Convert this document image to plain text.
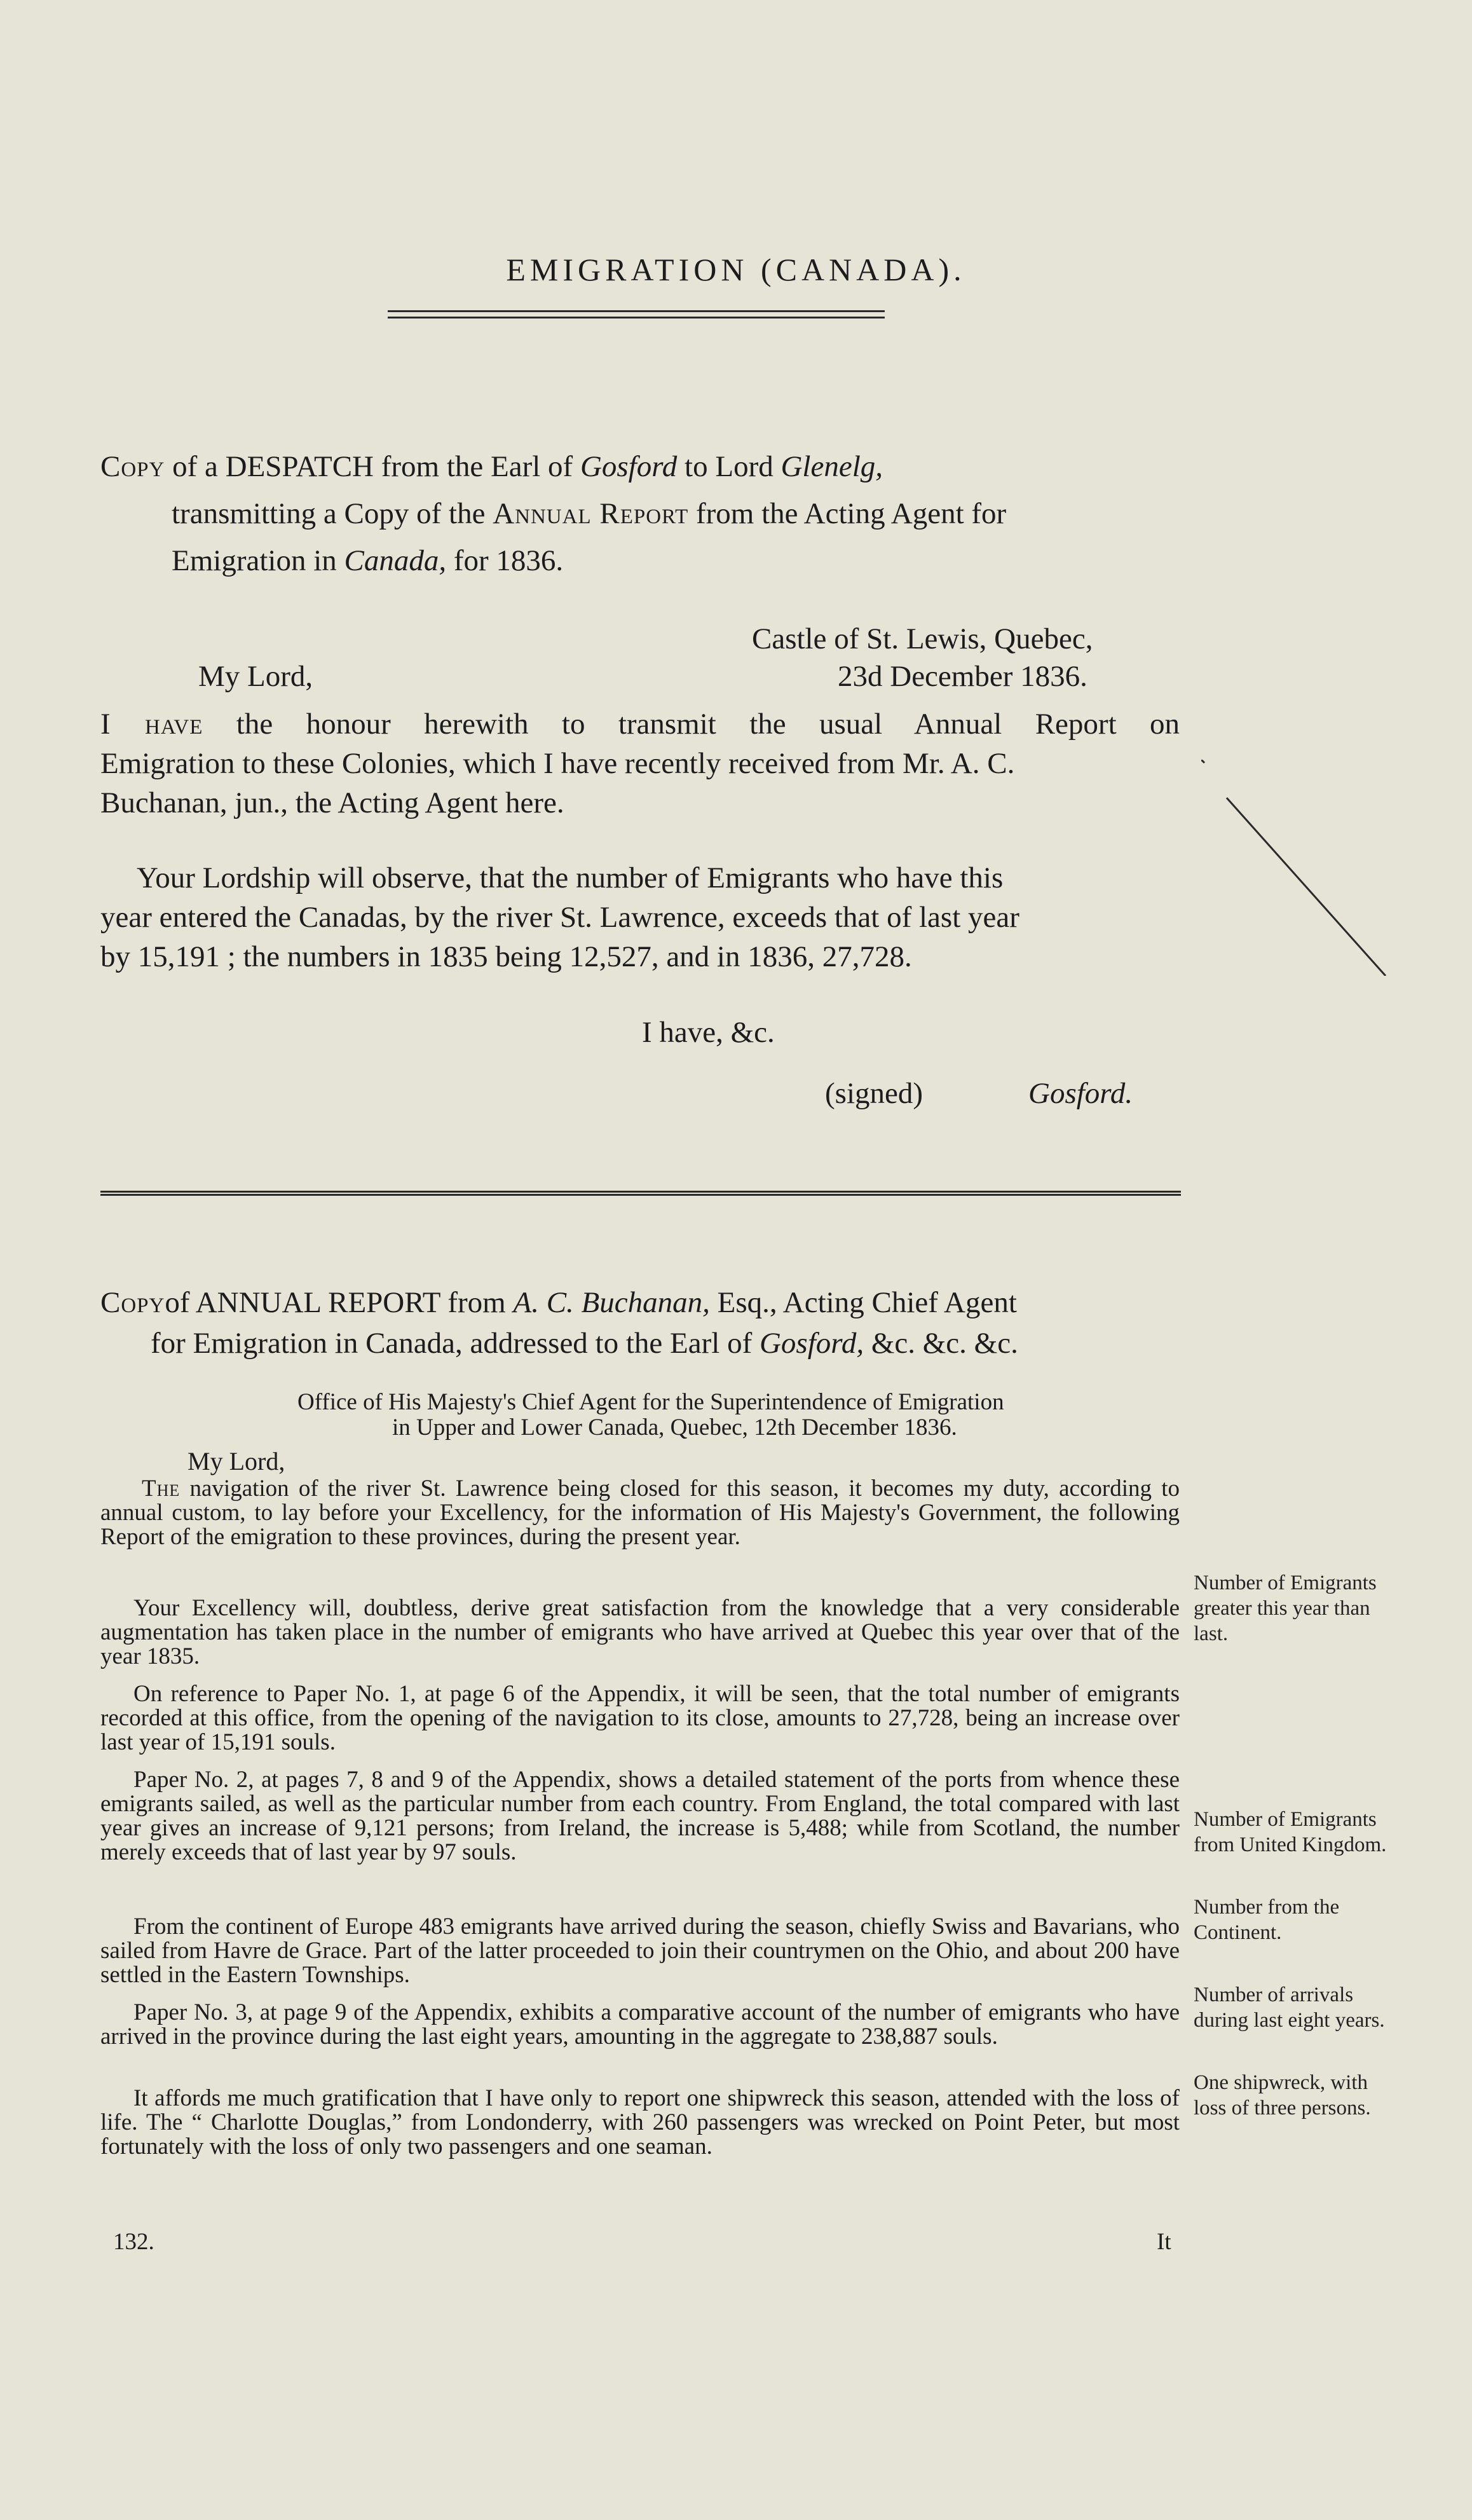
EMIGRATION (CANADA).
Copy of a DESPATCH from the Earl of Gosford to Lord Glenelg,
transmitting a Copy of the Annual Report from the Acting Agent for
Emigration in Canada, for 1836.
Castle of St. Lewis, Quebec,
My Lord,	23d December 1836.
I have the honour herewith to transmit the usual Annual Report on
Emigration to these Colonies, which I have recently received from Mr. A. C.
Buchanan, jun., the Acting Agent here.
Your Lordship will observe, that the number of Emigrants who have this
year entered the Canadas, by the river St. Lawrence, exceeds that of last year
by 15,191 ; the numbers in 1835 being 12,527, and in 1836, 27,728.
I have, &c.
(signed)	Gosford.
Copyof ANNUAL REPORT from A. C. Buchanan, Esq., Acting Chief Agent
for Emigration in Canada, addressed to the Earl of Gosford, &c. &c. &c.
Office of His Majesty's Chief Agent for the Superintendence of Emigration
in Upper and Lower Canada, Quebec, 12th December 1836.
My Lord,
The navigation of the river St. Lawrence being closed for this season, it becomes my duty, according to annual custom, to lay before your Excellency, for the information of His Majesty's Government, the following Report of the emigration to these provinces, during the present year.
Your Excellency will, doubtless, derive great satisfaction from the knowledge that a very considerable augmentation has taken place in the number of emigrants who have arrived at Quebec this year over that of the year 1835.
On reference to Paper No. 1, at page 6 of the Appendix, it will be seen, that the total number of emigrants recorded at this office, from the opening of the navigation to its close, amounts to 27,728, being an increase over last year of 15,191 souls.
Paper No. 2, at pages 7, 8 and 9 of the Appendix, shows a detailed statement of the ports from whence these emigrants sailed, as well as the particular number from each country. From England, the total compared with last year gives an increase of 9,121 persons; from Ireland, the increase is 5,488; while from Scotland, the number merely exceeds that of last year by 97 souls.
From the continent of Europe 483 emigrants have arrived during the season, chiefly Swiss and Bavarians, who sailed from Havre de Grace. Part of the latter proceeded to join their countrymen on the Ohio, and about 200 have settled in the Eastern Townships.
Paper No. 3, at page 9 of the Appendix, exhibits a comparative account of the number of emigrants who have arrived in the province during the last eight years, amounting in the aggregate to 238,887 souls.
It affords me much gratification that I have only to report one shipwreck this season, attended with the loss of life. The “ Charlotte Douglas,” from Londonderry, with 260 passengers was wrecked on Point Peter, but most fortunately with the loss of only two passengers and one seaman.
Number of Emigrants greater this year than last.
Number of Emigrants from United Kingdom.
Number from the Continent.
Number of arrivals during last eight years.
One shipwreck, with loss of three persons.
132.	It
